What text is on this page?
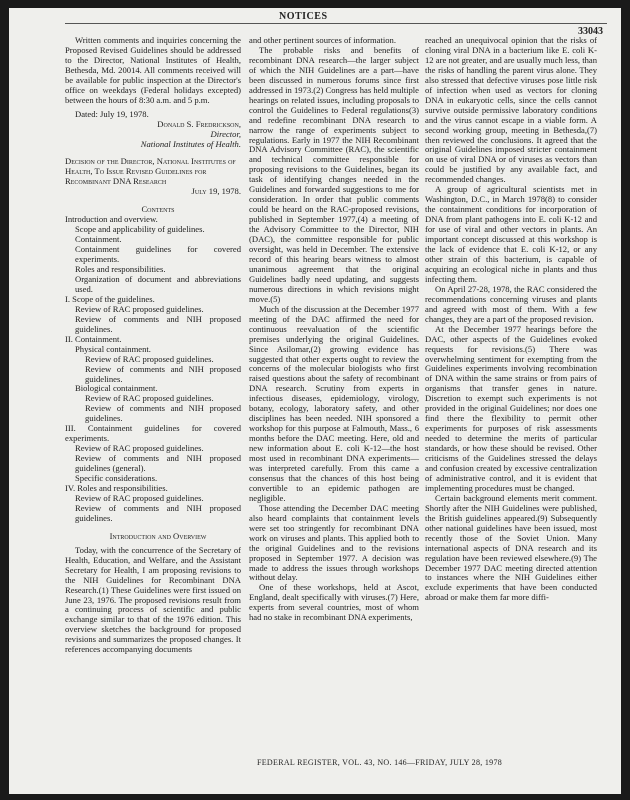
NOTICES
33043

Written comments and inquiries concerning the Proposed Revised Guidelines should be addressed to the Director, National Institutes of Health, Bethesda, Md. 20014. All comments received will be available for public inspection at the Director's office on weekdays (Federal holidays excepted) between the hours of 8:30 a.m. and 5 p.m.

Dated: July 19, 1978.

Donald S. Fredrickson,

Director,

National Institutes of Health.

Decision of the Director, National Institutes of Health, To Issue Revised Guidelines for Recombinant DNA Research

July 19, 1978.

Contents

Introduction and overview.
Scope and applicability of guidelines.
Containment.
Containment guidelines for covered experiments.
Roles and responsibilities.
Organization of document and abbreviations used.
I. Scope of the guidelines.
Review of RAC proposed guidelines.
Review of comments and NIH proposed guidelines.
II. Containment.
Physical containment.
Review of RAC proposed guidelines.
Review of comments and NIH proposed guidelines.
Biological containment.
Review of RAC proposed guidelines.
Review of comments and NIH proposed guidelines.
III. Containment guidelines for covered experiments.
Review of RAC proposed guidelines.
Review of comments and NIH proposed guidelines (general).
Specific considerations.
IV. Roles and responsibilities.
Review of RAC proposed guidelines.
Review of comments and NIH proposed guidelines.

Introduction and Overview

Today, with the concurrence of the Secretary of Health, Education, and Welfare, and the Assistant Secretary for Health, I am proposing revisions to the NIH Guidelines for Recombinant DNA Research.(1) These Guidelines were first issued on June 23, 1976. The proposed revisions result from a continuing process of scientific and public exchange similar to that of the 1976 edition. This overview sketches the background for proposed revisions and summarizes the proposed changes. It references accompanying documents

and other pertinent sources of information.

The probable risks and benefits of recombinant DNA research—the larger subject of which the NIH Guidelines are a part—have been discussed in numerous forums since first addressed in 1973.(2) Congress has held multiple hearings on related issues, including proposals to control the Guidelines to Federal regulations(3) and redefine recombinant DNA research to narrow the range of experiments subject to regulations. Early in 1977 the NIH Recombinant DNA Advisory Committee (RAC), the scientific and technical committee responsible for proposing revisions to the Guidelines, began its task of identifying changes needed in the Guidelines and forwarded suggestions to me for consideration. In order that public comments could be heard on the RAC-proposed revisions, published in September 1977,(4) a meeting of the Advisory Committee to the Director, NIH (DAC), the committee responsible for public oversight, was held in December. The extensive record of this hearing bears witness to almost unanimous agreement that the original Guidelines badly need updating, and suggests numerous directions in which revisions might move.(5)

Much of the discussion at the December 1977 meeting of the DAC affirmed the need for continuous reevaluation of the scientific premises underlying the original Guidelines. Since Asilomar,(2) growing evidence has suggested that other experts ought to review the concerns of the molecular biologists who first raised questions about the safety of recombinant DNA research. Scrutiny from experts in infectious diseases, epidemiology, virology, botany, ecology, laboratory safety, and other disciplines has been needed. NIH sponsored a workshop for this purpose at Falmouth, Mass., 6 months before the DAC meeting. Here, old and new information about E. coli K-12—the host most used in recombinant DNA experiments—was interpreted carefully. From this came a consensus that the chances of this host being convertible to an epidemic pathogen are negligible.

Those attending the December DAC meeting also heard complaints that containment levels were set too stringently for recombinant DNA work on viruses and plants. This applied both to the original Guidelines and to the revisions proposed in September 1977. A decision was made to address the issues through workshops without delay.

One of these workshops, held at Ascot, England, dealt specifically with viruses.(7) Here, experts from several countries, most of whom had no stake in recombinant DNA experiments,

reached an unequivocal opinion that the risks of cloning viral DNA in a bacterium like E. coli K-12 are not greater, and are usually much less, than the risks of handling the parent virus alone. They also stressed that defective viruses pose little risk of infection when used as vectors for cloning DNA in eukaryotic cells, since the cells cannot survive outside permissive laboratory conditions and the virus cannot escape in a viable form. A second working group, meeting in Bethesda,(7) then reviewed the conclusions. It agreed that the original Guidelines imposed stricter containment on use of viral DNA or of viruses as vectors than could be justified by any available fact, and recommended changes.

A group of agricultural scientists met in Washington, D.C., in March 1978(8) to consider the containment conditions for incorporation of DNA from plant pathogens into E. coli K-12 and for use of viral and other vectors in plants. An important concept discussed at this workshop is the lack of evidence that E. coli K-12, or any other strain of this bacterium, is capable of acquiring an ecological niche in plants and thus infecting them.

On April 27-28, 1978, the RAC considered the recommendations concerning viruses and plants and agreed with most of them. With a few changes, they are a part of the proposed revision.

At the December 1977 hearings before the DAC, other aspects of the Guidelines evoked requests for revisions.(5) There was overwhelming sentiment for exempting from the Guidelines experiments involving recombination of DNA within the same strains or from pairs of organisms that transfer genes in nature. Discretion to exempt such experiments is not provided in the original Guidelines; nor does one find there the flexibility to permit other experiments for purposes of risk assessments needed to determine the merits of particular standards, or how these should be revised. Other criticisms of the Guidelines stressed the delays and confusion created by excessive centralization of administrative control, and it is evident that implementing procedures must be changed.

Certain background elements merit comment. Shortly after the NIH Guidelines were published, the British guidelines appeared.(9) Subsequently other national guidelines have been issued, most recently those of the Soviet Union. Many international aspects of DNA research and its regulation have been reviewed elsewhere.(9) The December 1977 DAC meeting directed attention to instances where the NIH Guidelines either exclude experiments that have been conducted abroad or make them far more diffi-

FEDERAL REGISTER, VOL. 43, NO. 146—FRIDAY, JULY 28, 1978
